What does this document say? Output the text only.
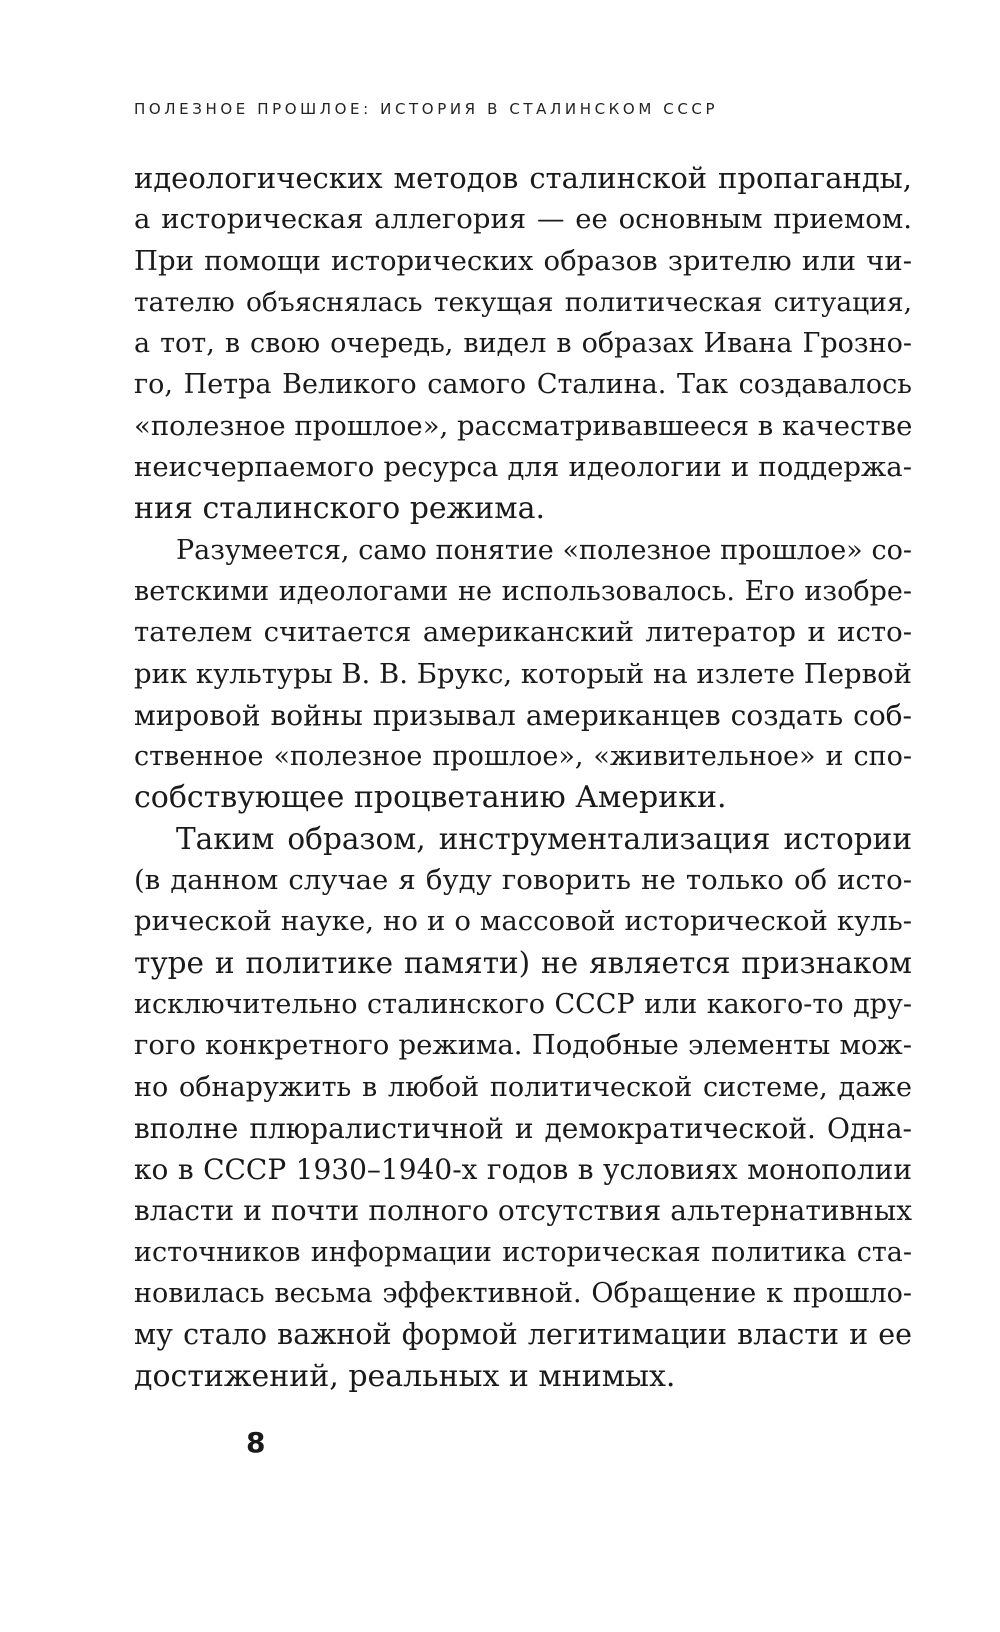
ПОЛЕЗНОЕ ПРОШЛОЕ: ИСТОРИЯ В СТАЛИНСКОМ СССР
идеологических методов сталинской пропаганды,
а историческая аллегория — ее основным приемом.
При помощи исторических образов зрителю или чи-
тателю объяснялась текущая политическая ситуация,
а тот, в свою очередь, видел в образах Ивана Грозно-
го, Петра Великого самого Сталина. Так создавалось
«полезное прошлое», рассматривавшееся в качестве
неисчерпаемого ресурса для идеологии и поддержа-
ния сталинского режима.
Разумеется, само понятие «полезное прошлое» со-
ветскими идеологами не использовалось. Его изобре-
тателем считается американский литератор и исто-
рик культуры В. В. Брукс, который на излете Первой
мировой войны призывал американцев создать соб-
ственное «полезное прошлое», «живительное» и спо-
собствующее процветанию Америки.
Таким образом, инструментализация истории
(в данном случае я буду говорить не только об исто-
рической науке, но и о массовой исторической куль-
туре и политике памяти) не является признаком
исключительно сталинского СССР или какого-то дру-
гого конкретного режима. Подобные элементы мож-
но обнаружить в любой политической системе, даже
вполне плюралистичной и демократической. Одна-
ко в СССР 1930–1940-х годов в условиях монополии
власти и почти полного отсутствия альтернативных
источников информации историческая политика ста-
новилась весьма эффективной. Обращение к прошло-
му стало важной формой легитимации власти и ее
достижений, реальных и мнимых.
8
